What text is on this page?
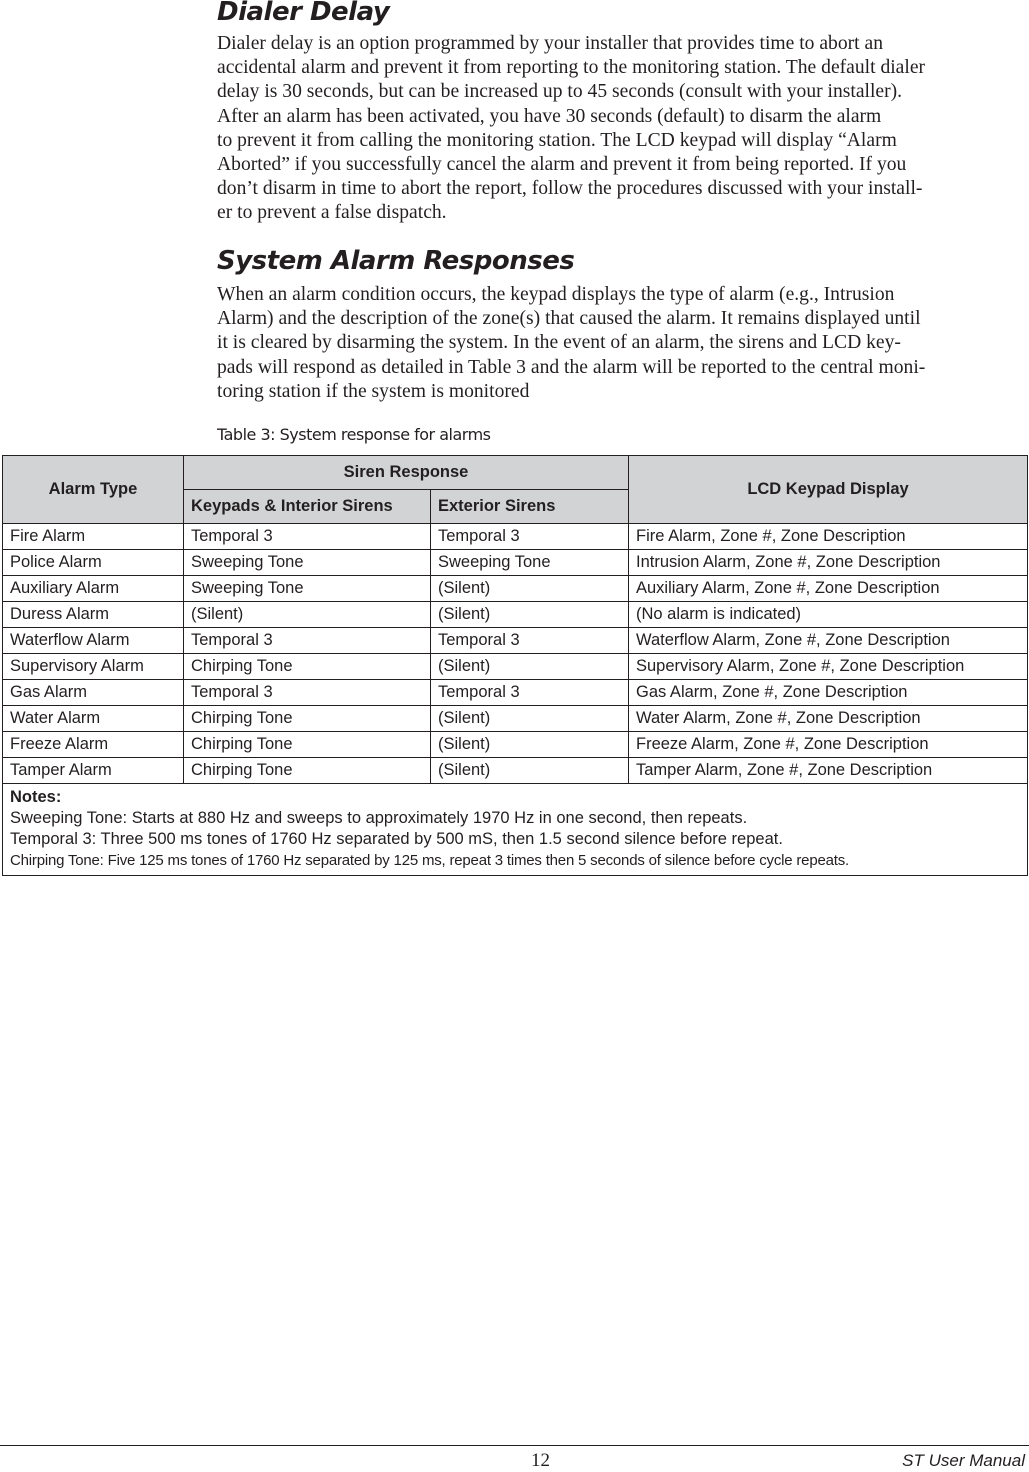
Dialer Delay
Dialer delay is an option programmed by your installer that provides time to abort an
accidental alarm and prevent it from reporting to the monitoring station. The default dialer
delay is 30 seconds, but can be increased up to 45 seconds (consult with your installer).
After an alarm has been activated, you have 30 seconds (default) to disarm the alarm
to prevent it from calling the monitoring station. The LCD keypad will display “Alarm
Aborted” if you successfully cancel the alarm and prevent it from being reported. If you
don’t disarm in time to abort the report, follow the procedures discussed with your install-
er to prevent a false dispatch.
System Alarm Responses
When an alarm condition occurs, the keypad displays the type of alarm (e.g., Intrusion
Alarm) and the description of the zone(s) that caused the alarm. It remains displayed until
it is cleared by disarming the system. In the event of an alarm, the sirens and LCD key-
pads will respond as detailed in Table 3 and the alarm will be reported to the central moni-
toring station if the system is monitored
Table 3: System response for alarms
Alarm Type	Siren Response		LCD Keypad Display
	Keypads & Interior Sirens	Exterior Sirens	
Fire Alarm	Temporal 3	Temporal 3	Fire Alarm, Zone #, Zone Description
Police Alarm	Sweeping Tone	Sweeping Tone	Intrusion Alarm, Zone #, Zone Description
Auxiliary Alarm	Sweeping Tone	(Silent)	Auxiliary Alarm, Zone #, Zone Description
Duress Alarm	(Silent)	(Silent)	(No alarm is indicated)
Waterflow Alarm	Temporal 3	Temporal 3	Waterflow Alarm, Zone #, Zone Description
Supervisory Alarm	Chirping Tone	(Silent)	Supervisory Alarm, Zone #, Zone Description
Gas Alarm	Temporal 3	Temporal 3	Gas Alarm, Zone #, Zone Description
Water Alarm	Chirping Tone	(Silent)	Water Alarm, Zone #, Zone Description
Freeze Alarm	Chirping Tone	(Silent)	Freeze Alarm, Zone #, Zone Description
Tamper Alarm	Chirping Tone	(Silent)	Tamper Alarm, Zone #, Zone Description

Notes:
Sweeping Tone: Starts at 880 Hz and sweeps to approximately 1970 Hz in one second, then repeats.
Temporal 3: Three 500 ms tones of 1760 Hz separated by 500 mS, then 1.5 second silence before repeat.
Chirping Tone: Five 125 ms tones of 1760 Hz separated by 125 ms, repeat 3 times then 5 seconds of silence before cycle repeats.			
12	ST User Manual
